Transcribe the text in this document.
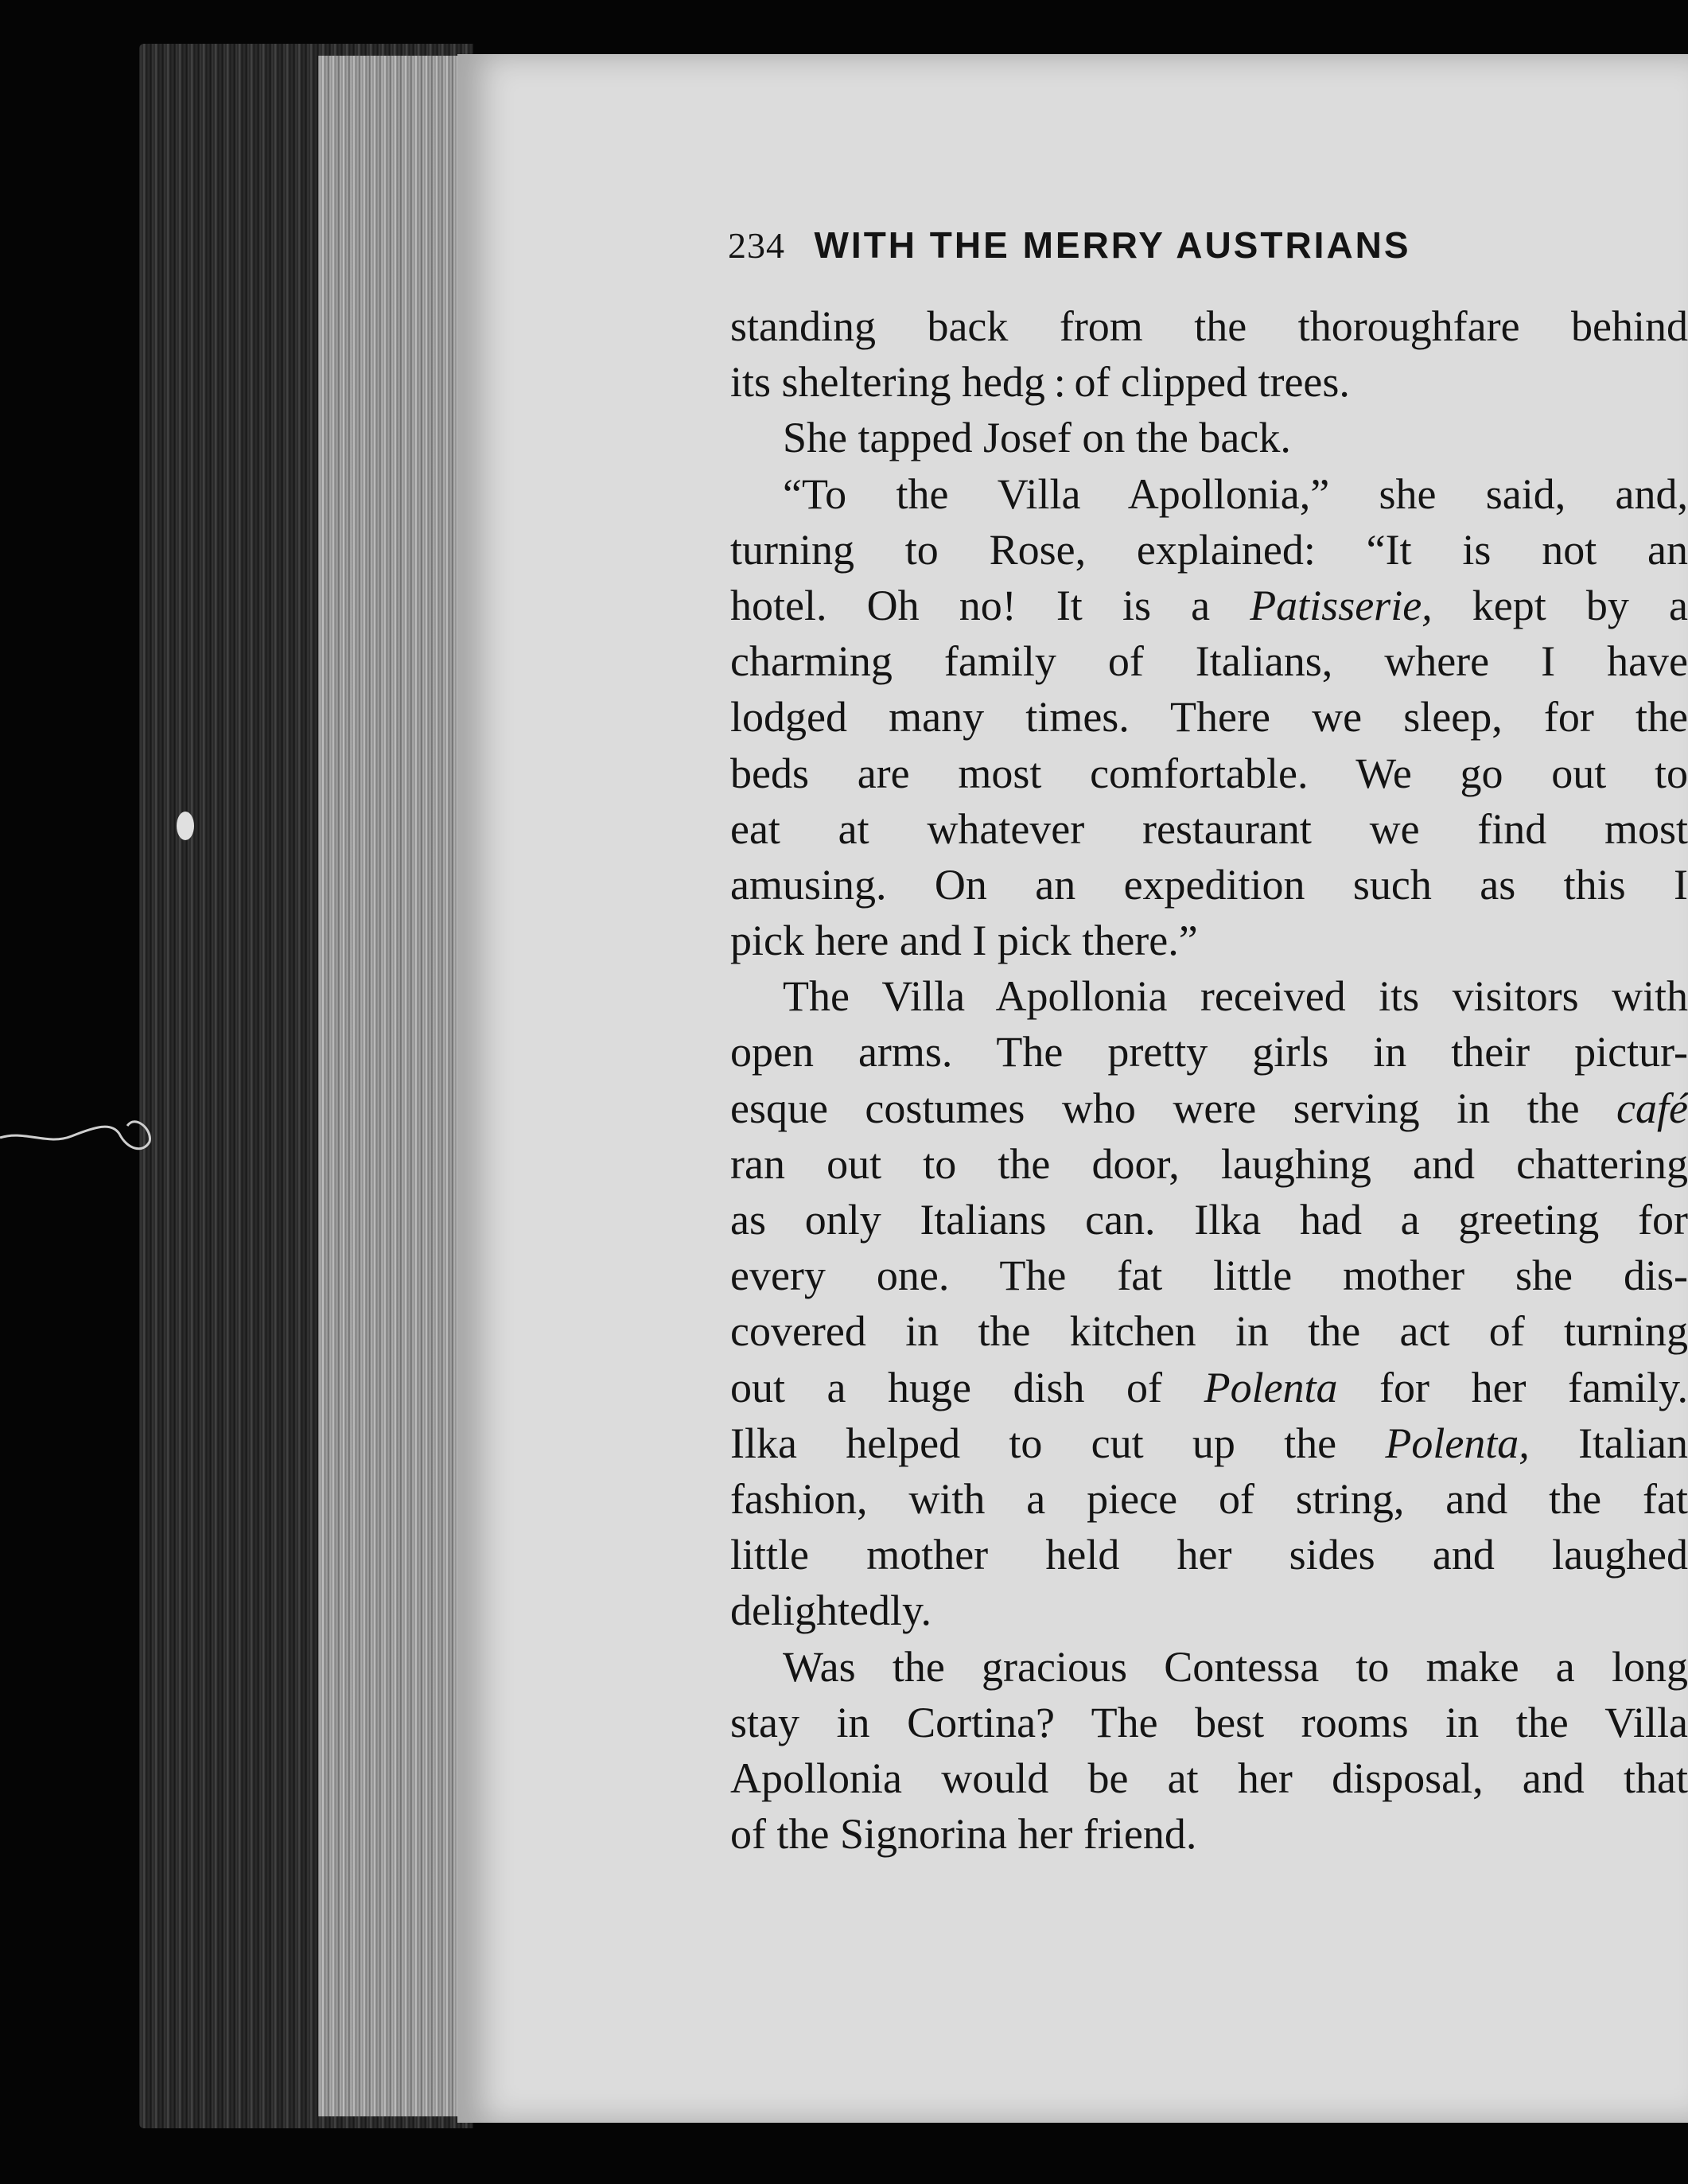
234 WITH THE MERRY AUSTRIANS
standing back from the thoroughfare behind
its sheltering hedg : of clipped trees.
She tapped Josef on the back.
“To the Villa Apollonia,” she said, and,
turning to Rose, explained: “It is not an
hotel. Oh no! It is a Patisserie, kept by a
charming family of Italians, where I have
lodged many times. There we sleep, for the
beds are most comfortable. We go out to
eat at whatever restaurant we find most
amusing. On an expedition such as this I
pick here and I pick there.”
The Villa Apollonia received its visitors with
open arms. The pretty girls in their pictur-
esque costumes who were serving in the café
ran out to the door, laughing and chattering
as only Italians can. Ilka had a greeting for
every one. The fat little mother she dis-
covered in the kitchen in the act of turning
out a huge dish of Polenta for her family.
Ilka helped to cut up the Polenta, Italian
fashion, with a piece of string, and the fat
little mother held her sides and laughed
delightedly.
Was the gracious Contessa to make a long
stay in Cortina? The best rooms in the Villa
Apollonia would be at her disposal, and that
of the Signorina her friend.
